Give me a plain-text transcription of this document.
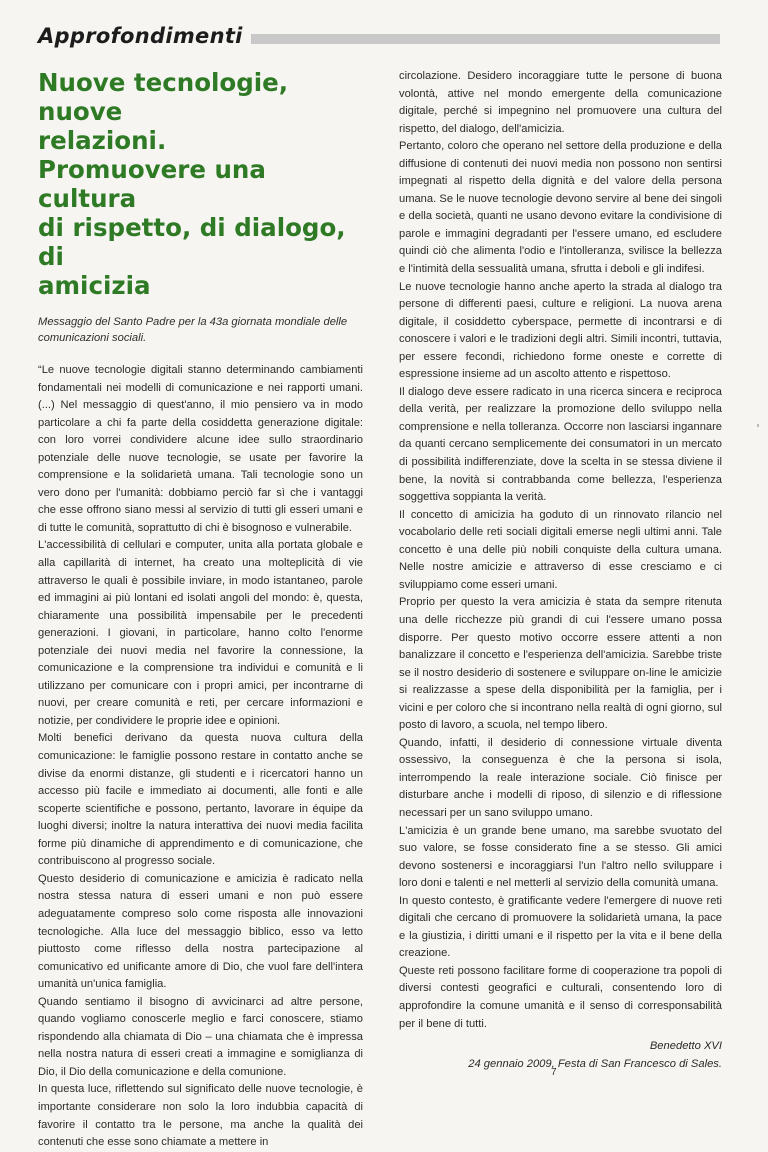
Approfondimenti
Nuove tecnologie, nuove
relazioni.
Promuovere una cultura
di rispetto, di dialogo, di
amicizia
Messaggio del Santo Padre per la 43a giornata mondiale delle comunicazioni sociali.

“Le nuove tecnologie digitali stanno determinando cambiamenti fondamentali nei modelli di comunicazione e nei rapporti umani. (...) Nel messaggio di quest'anno, il mio pensiero va in modo particolare a chi fa parte della cosiddetta generazione digitale: con loro vorrei condividere alcune idee sullo straordinario potenziale delle nuove tecnologie, se usate per favorire la comprensione e la solidarietà umana. Tali tecnologie sono un vero dono per l'umanità: dobbiamo perciò far sì che i vantaggi che esse offrono siano messi al servizio di tutti gli esseri umani e di tutte le comunità, soprattutto di chi è bisognoso e vulnerabile.

L'accessibilità di cellulari e computer, unita alla portata globale e alla capillarità di internet, ha creato una molteplicità di vie attraverso le quali è possibile inviare, in modo istantaneo, parole ed immagini ai più lontani ed isolati angoli del mondo: è, questa, chiaramente una possibilità impensabile per le precedenti generazioni. I giovani, in particolare, hanno colto l'enorme potenziale dei nuovi media nel favorire la connessione, la comunicazione e la comprensione tra individui e comunità e li utilizzano per comunicare con i propri amici, per incontrarne di nuovi, per creare comunità e reti, per cercare informazioni e notizie, per condividere le proprie idee e opinioni.

Molti benefici derivano da questa nuova cultura della comunicazione: le famiglie possono restare in contatto anche se divise da enormi distanze, gli studenti e i ricercatori hanno un accesso più facile e immediato ai documenti, alle fonti e alle scoperte scientifiche e possono, pertanto, lavorare in équipe da luoghi diversi; inoltre la natura interattiva dei nuovi media facilita forme più dinamiche di apprendimento e di comunicazione, che contribuiscono al progresso sociale.

Questo desiderio di comunicazione e amicizia è radicato nella nostra stessa natura di esseri umani e non può essere adeguatamente compreso solo come risposta alle innovazioni tecnologiche. Alla luce del messaggio biblico, esso va letto piuttosto come riflesso della nostra partecipazione al comunicativo ed unificante amore di Dio, che vuol fare dell'intera umanità un'unica famiglia.

Quando sentiamo il bisogno di avvicinarci ad altre persone, quando vogliamo conoscerle meglio e farci conoscere, stiamo rispondendo alla chiamata di Dio – una chiamata che è impressa nella nostra natura di esseri creati a immagine e somiglianza di Dio, il Dio della comunicazione e della comunione.

In questa luce, riflettendo sul significato delle nuove tecnologie, è importante considerare non solo la loro indubbia capacità di favorire il contatto tra le persone, ma anche la qualità dei contenuti che esse sono chiamate a mettere in

circolazione. Desidero incoraggiare tutte le persone di buona volontà, attive nel mondo emergente della comunicazione digitale, perché si impegnino nel promuovere una cultura del rispetto, del dialogo, dell'amicizia.

Pertanto, coloro che operano nel settore della produzione e della diffusione di contenuti dei nuovi media non possono non sentirsi impegnati al rispetto della dignità e del valore della persona umana. Se le nuove tecnologie devono servire al bene dei singoli e della società, quanti ne usano devono evitare la condivisione di parole e immagini degradanti per l'essere umano, ed escludere quindi ciò che alimenta l'odio e l'intolleranza, svilisce la bellezza e l'intimità della sessualità umana, sfrutta i deboli e gli indifesi.

Le nuove tecnologie hanno anche aperto la strada al dialogo tra persone di differenti paesi, culture e religioni. La nuova arena digitale, il cosiddetto cyberspace, permette di incontrarsi e di conoscere i valori e le tradizioni degli altri. Simili incontri, tuttavia, per essere fecondi, richiedono forme oneste e corrette di espressione insieme ad un ascolto attento e rispettoso.

Il dialogo deve essere radicato in una ricerca sincera e reciproca della verità, per realizzare la promozione dello sviluppo nella comprensione e nella tolleranza. Occorre non lasciarsi ingannare da quanti cercano semplicemente dei consumatori in un mercato di possibilità indifferenziate, dove la scelta in se stessa diviene il bene, la novità si contrabbanda come bellezza, l'esperienza soggettiva soppianta la verità.

Il concetto di amicizia ha goduto di un rinnovato rilancio nel vocabolario delle reti sociali digitali emerse negli ultimi anni. Tale concetto è una delle più nobili conquiste della cultura umana. Nelle nostre amicizie e attraverso di esse cresciamo e ci sviluppiamo come esseri umani.

Proprio per questo la vera amicizia è stata da sempre ritenuta una delle ricchezze più grandi di cui l'essere umano possa disporre. Per questo motivo occorre essere attenti a non banalizzare il concetto e l'esperienza dell'amicizia. Sarebbe triste se il nostro desiderio di sostenere e sviluppare on-line le amicizie si realizzasse a spese della disponibilità per la famiglia, per i vicini e per coloro che si incontrano nella realtà di ogni giorno, sul posto di lavoro, a scuola, nel tempo libero.

Quando, infatti, il desiderio di connessione virtuale diventa ossessivo, la conseguenza è che la persona si isola, interrompendo la reale interazione sociale. Ciò finisce per disturbare anche i modelli di riposo, di silenzio e di riflessione necessari per un sano sviluppo umano.

L'amicizia è un grande bene umano, ma sarebbe svuotato del suo valore, se fosse considerato fine a se stesso. Gli amici devono sostenersi e incoraggiarsi l'un l'altro nello sviluppare i loro doni e talenti e nel metterli al servizio della comunità umana.

In questo contesto, è gratificante vedere l'emergere di nuove reti digitali che cercano di promuovere la solidarietà umana, la pace e la giustizia, i diritti umani e il rispetto per la vita e il bene della creazione.

Queste reti possono facilitare forme di cooperazione tra popoli di diversi contesti geografici e culturali, consentendo loro di approfondire la comune umanità e il senso di corresponsabilità per il bene di tutti.

Benedetto XVI
24 gennaio 2009, Festa di San Francesco di Sales.
7
